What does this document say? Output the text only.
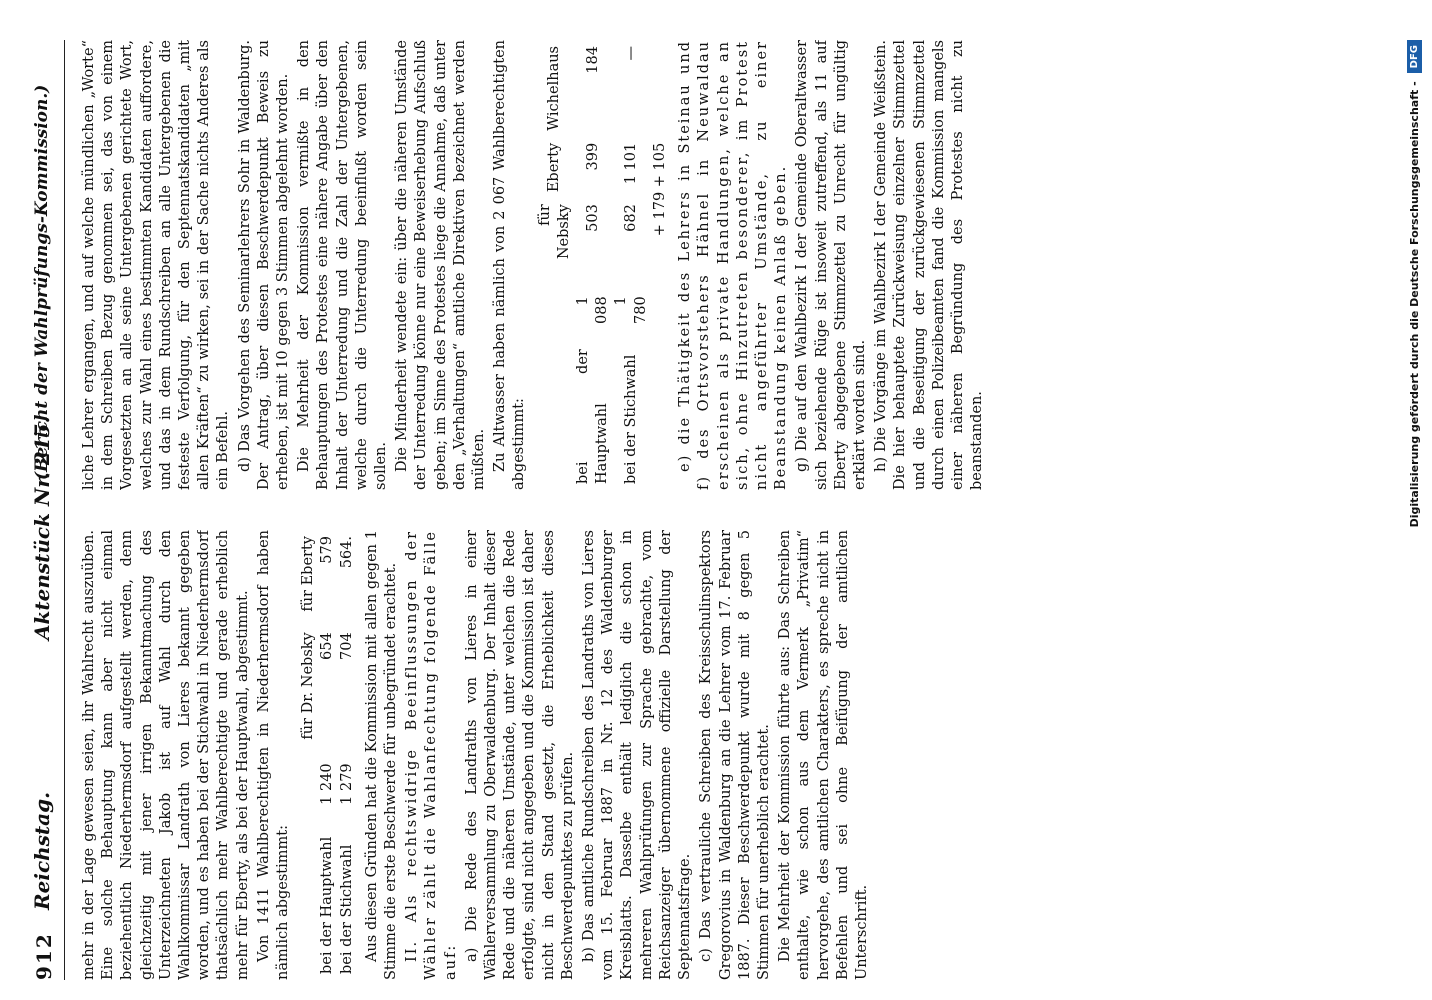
912
Reichstag.
Aktenstück Nr. 215.
(Bericht der Wahlprüfungs-Kommission.)

mehr in der Lage gewesen seien, ihr Wahlrecht auszuüben. Eine solche Behauptung kann aber nicht einmal beziehentlich Niederhermsdorf aufgestellt werden, denn gleichzeitig mit jener irrigen Bekanntmachung des Unterzeichneten Jakob ist auf Wahl durch den Wahlkommissar Landrath von Lieres bekannt gegeben worden, und es haben bei der Stichwahl in Niederhermsdorf thatsächlich mehr Wahlberechtigte und gerade erheblich mehr für Eberty, als bei der Hauptwahl, abgestimmt. Von 1411 Wahlberechtigten in Niederhermsdorf haben nämlich abgestimmt:

		für Dr. Nebsky	für Eberty
bei der Hauptwahl	1 240	654	579
bei der Stichwahl	1 279	704	564. Aus diesen Gründen hat die Kommission mit allen gegen 1 Stimme die erste Beschwerde für unbegründet erachtet. II. Als rechtswidrige Beeinflussungen der Wähler zählt die Wahlanfechtung folgende Fälle auf: a) Die Rede des Landraths von Lieres in einer Wählerversammlung zu Oberwaldenburg. Der Inhalt dieser Rede und die näheren Umstände, unter welchen die Rede erfolgte, sind nicht angegeben und die Kommission ist daher nicht in den Stand gesetzt, die Erheblichkeit dieses Beschwerdepunktes zu prüfen. b) Das amtliche Rundschreiben des Landraths von Lieres vom 15. Februar 1887 in Nr. 12 des Waldenburger Kreisblatts. Dasselbe enthält lediglich die schon in mehreren Wahlprüfungen zur Sprache gebrachte, vom Reichsanzeiger übernommene offizielle Darstellung der Septennatsfrage. c) Das vertrauliche Schreiben des Kreisschulinspektors Gregorovius in Waldenburg an die Lehrer vom 17. Februar 1887. Dieser Beschwerdepunkt wurde mit 8 gegen 5 Stimmen für unerheblich erachtet. Die Mehrheit der Kommission führte aus: Das Schreiben enthalte, wie schon aus dem Vermerk „Privatim“ hervorgehe, des amtlichen Charakters, es spreche nicht in Befehlen und sei ohne Beifügung der amtlichen Unterschrift.

liche Lehrer ergangen, und auf welche mündlichen „Worte“ in dem Schreiben Bezug genommen sei, das von einem Vorgesetzten an alle seine Untergebenen gerichtete Wort, welches zur Wahl eines bestimmten Kandidaten auffordere, und das in dem Rundschreiben an alle Untergebenen die festeste Verfolgung, für den Septennatskandidaten „mit allen Kräften“ zu wirken, sei in der Sache nichts Anderes als ein Befehl. d) Das Vorgehen des Seminarlehrers Sohr in Waldenburg. Der Antrag, über diesen Beschwerdepunkt Beweis zu erheben, ist mit 10 gegen 3 Stimmen abgelehnt worden. Die Mehrheit der Kommission vermißte in den Behauptungen des Protestes eine nähere Angabe über den Inhalt der Unterredung und die Zahl der Untergebenen, welche durch die Unterredung beeinflußt worden sein sollen. Die Minderheit wendete ein: über die näheren Umstände der Unterredung könne nur eine Beweiserhebung Aufschluß geben; im Sinne des Protestes liege die Annahme, daß unter den „Verhaltungen“ amtliche Direktiven bezeichnet werden müßten. Zu Altwasser haben nämlich von 2 067 Wahlberechtigten abgestimmt:

		für Nebsky	Eberty	Wichelhaus
bei der Hauptwahl	1 088	503	399	184
bei der Stichwahl	1 780	682	1 101	—
		+ 179 + 105		e) die Thätigkeit des Lehrers in Steinau und f) des Ortsvorstehers Hähnel in Neuwaldau erscheinen als private Handlungen, welche an sich, ohne Hinzutreten besonderer, im Protest nicht angeführter Umstände, zu einer Beanstandung keinen Anlaß geben. g) Die auf den Wahlbezirk I der Gemeinde Oberaltwasser sich beziehende Rüge ist insoweit zutreffend, als 11 auf Eberty abgegebene Stimmzettel zu Unrecht für ungültig erklärt worden sind. h) Die Vorgänge im Wahlbezirk I der Gemeinde Weißstein. Die hier behauptete Zurückweisung einzelner Stimmzettel und die Beseitigung der zurückgewiesenen Stimmzettel durch einen Polizeibeamten fand die Kommission mangels einer näheren Begründung des Protestes nicht zu beanstanden.	Digitalisierung gefördert durch die Deutsche Forschungsgemeinschaft -
DFG
